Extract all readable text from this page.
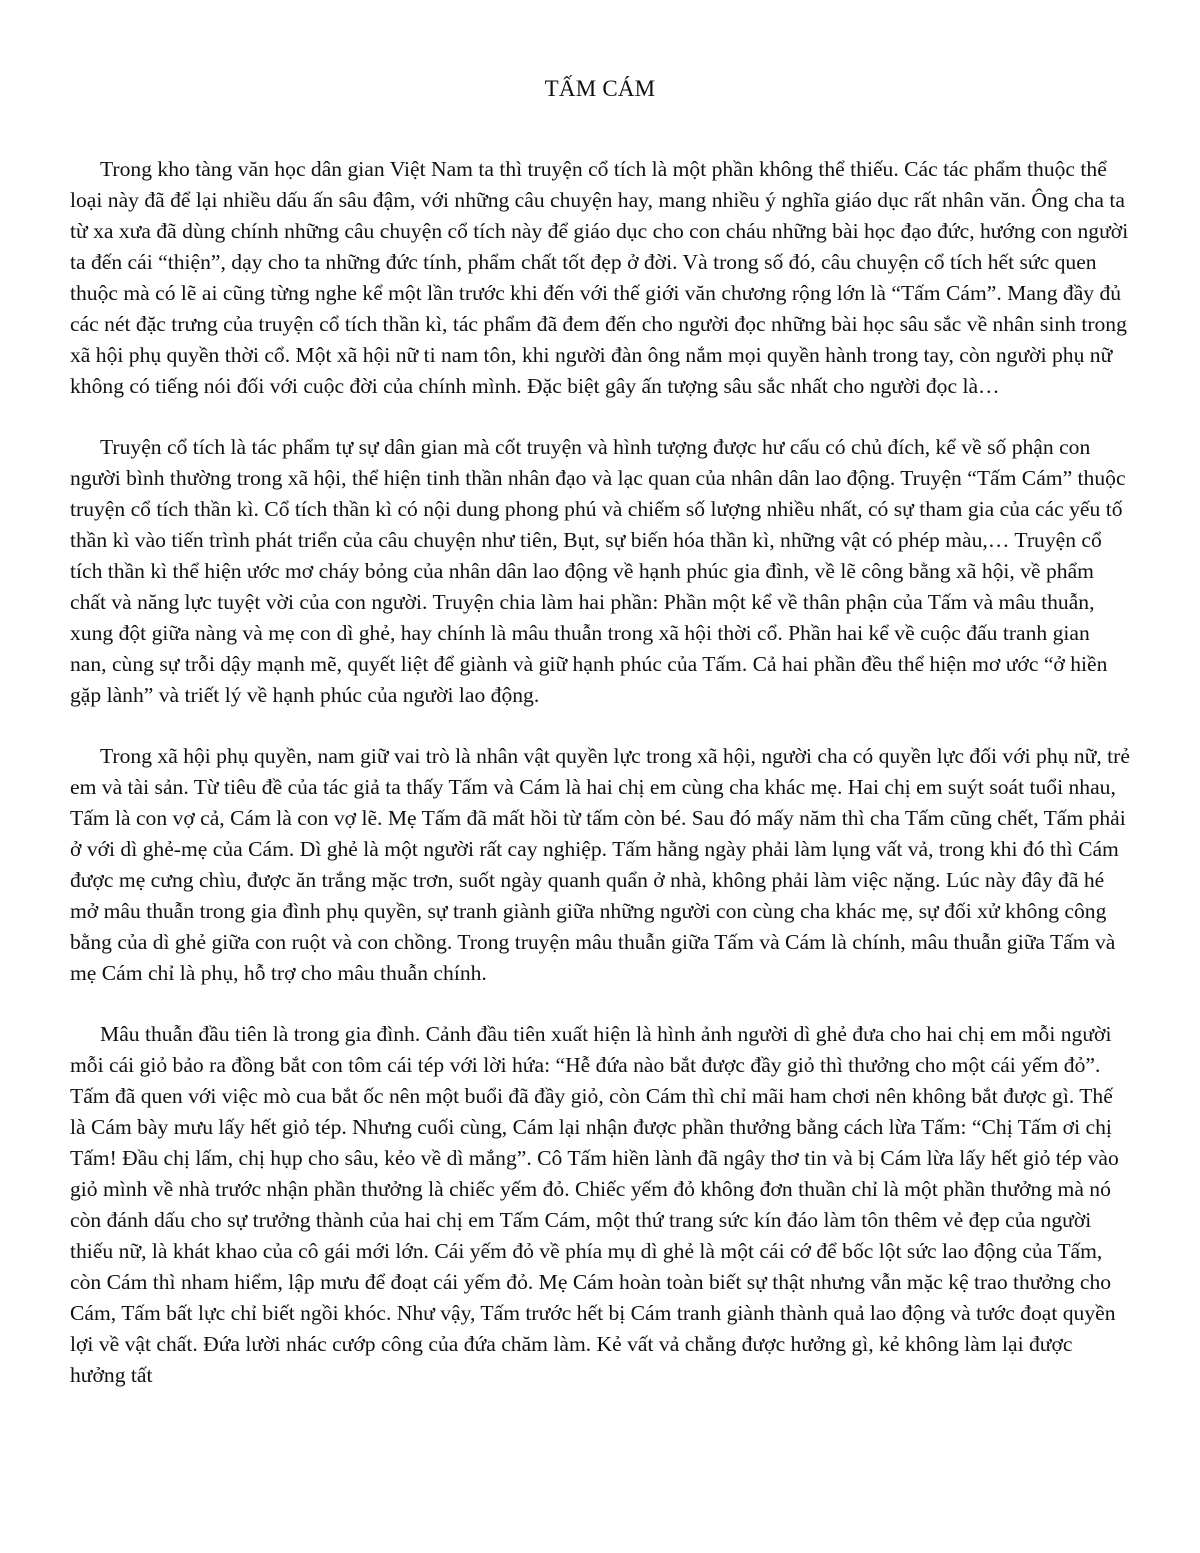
TẤM CÁM

Trong kho tàng văn học dân gian Việt Nam ta thì truyện cổ tích là một phần không thể thiếu. Các tác phẩm thuộc thể loại này đã để lại nhiều dấu ấn sâu đậm, với những câu chuyện hay, mang nhiều ý nghĩa giáo dục rất nhân văn. Ông cha ta từ xa xưa đã dùng chính những câu chuyện cổ tích này để giáo dục cho con cháu những bài học đạo đức, hướng con người ta đến cái “thiện”, dạy cho ta những đức tính, phẩm chất tốt đẹp ở đời. Và trong số đó, câu chuyện cổ tích hết sức quen thuộc mà có lẽ ai cũng từng nghe kể một lần trước khi đến với thế giới văn chương rộng lớn là “Tấm Cám”. Mang đầy đủ các nét đặc trưng của truyện cổ tích thần kì, tác phẩm đã đem đến cho người đọc những bài học sâu sắc về nhân sinh trong xã hội phụ quyền thời cổ. Một xã hội nữ ti nam tôn, khi người đàn ông nắm mọi quyền hành trong tay, còn người phụ nữ không có tiếng nói đối với cuộc đời của chính mình. Đặc biệt gây ấn tượng sâu sắc nhất cho người đọc là…

Truyện cổ tích là tác phẩm tự sự dân gian mà cốt truyện và hình tượng được hư cấu có chủ đích, kể về số phận con người bình thường trong xã hội, thể hiện tinh thần nhân đạo và lạc quan của nhân dân lao động. Truyện “Tấm Cám” thuộc truyện cổ tích thần kì. Cổ tích thần kì có nội dung phong phú và chiếm số lượng nhiều nhất, có sự tham gia của các yếu tố thần kì vào tiến trình phát triển của câu chuyện như tiên, Bụt, sự biến hóa thần kì, những vật có phép màu,… Truyện cổ tích thần kì thể hiện ước mơ cháy bỏng của nhân dân lao động về hạnh phúc gia đình, về lẽ công bằng xã hội, về phẩm chất và năng lực tuyệt vời của con người. Truyện chia làm hai phần: Phần một kể về thân phận của Tấm và mâu thuẫn, xung đột giữa nàng và mẹ con dì ghẻ, hay chính là mâu thuẫn trong xã hội thời cổ. Phần hai kể về cuộc đấu tranh gian nan, cùng sự trỗi dậy mạnh mẽ, quyết liệt để giành và giữ hạnh phúc của Tấm. Cả hai phần đều thể hiện mơ ước “ở hiền gặp lành” và triết lý về hạnh phúc của người lao động.

Trong xã hội phụ quyền, nam giữ vai trò là nhân vật quyền lực trong xã hội, người cha có quyền lực đối với phụ nữ, trẻ em và tài sản. Từ tiêu đề của tác giả ta thấy Tấm và Cám là hai chị em cùng cha khác mẹ. Hai chị em suýt soát tuổi nhau, Tấm là con vợ cả, Cám là con vợ lẽ. Mẹ Tấm đã mất hồi từ tấm còn bé. Sau đó mấy năm thì cha Tấm cũng chết, Tấm phải ở với dì ghẻ-mẹ của Cám. Dì ghẻ là một người rất cay nghiệp. Tấm hằng ngày phải làm lụng vất vả, trong khi đó thì Cám được mẹ cưng chìu, được ăn trắng mặc trơn, suốt ngày quanh quẩn ở nhà, không phải làm việc nặng. Lúc này đây đã hé mở mâu thuẫn trong gia đình phụ quyền, sự tranh giành giữa những người con cùng cha khác mẹ, sự đối xử không công bằng của dì ghẻ giữa con ruột và con chồng. Trong truyện mâu thuẫn giữa Tấm và Cám là chính, mâu thuẫn giữa Tấm và mẹ Cám chỉ là phụ, hỗ trợ cho mâu thuẫn chính.

Mâu thuẫn đầu tiên là trong gia đình. Cảnh đầu tiên xuất hiện là hình ảnh người dì ghẻ đưa cho hai chị em mỗi người mỗi cái giỏ bảo ra đồng bắt con tôm cái tép với lời hứa: “Hễ đứa nào bắt được đầy giỏ thì thưởng cho một cái yếm đỏ”. Tấm đã quen với việc mò cua bắt ốc nên một buổi đã đầy giỏ, còn Cám thì chỉ mãi ham chơi nên không bắt được gì. Thế là Cám bày mưu lấy hết giỏ tép. Nhưng cuối cùng, Cám lại nhận được phần thưởng bằng cách lừa Tấm: “Chị Tấm ơi chị Tấm! Đầu chị lấm, chị hụp cho sâu, kẻo về dì mắng”. Cô Tấm hiền lành đã ngây thơ tin và bị Cám lừa lấy hết giỏ tép vào giỏ mình về nhà trước nhận phần thưởng là chiếc yếm đỏ. Chiếc yếm đỏ không đơn thuần chỉ là một phần thưởng mà nó còn đánh dấu cho sự trưởng thành của hai chị em Tấm Cám, một thứ trang sức kín đáo làm tôn thêm vẻ đẹp của người thiếu nữ, là khát khao của cô gái mới lớn. Cái yếm đỏ về phía mụ dì ghẻ là một cái cớ để bốc lột sức lao động của Tấm, còn Cám thì nham hiểm, lập mưu để đoạt cái yếm đỏ. Mẹ Cám hoàn toàn biết sự thật nhưng vẫn mặc kệ trao thưởng cho Cám, Tấm bất lực chỉ biết ngồi khóc. Như vậy, Tấm trước hết bị Cám tranh giành thành quả lao động và tước đoạt quyền lợi về vật chất. Đứa lười nhác cướp công của đứa chăm làm. Kẻ vất vả chẳng được hưởng gì, kẻ không làm lại được hưởng tất
